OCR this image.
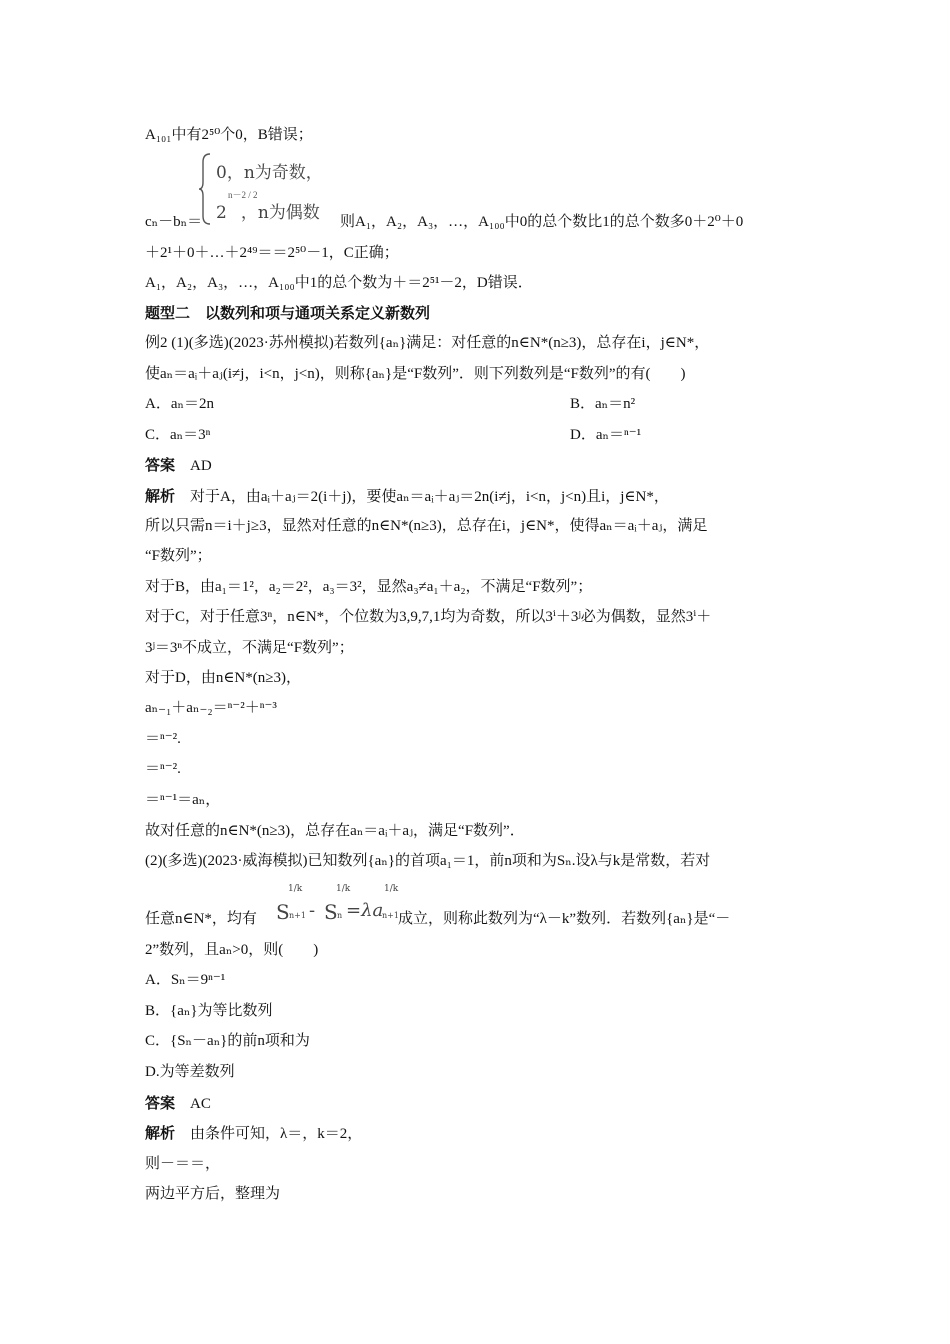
A₁₀₁中有2⁵⁰个0，B错误；
0，n为奇数，
2 ，n为偶数
n－2 / 2
cₙ－bₙ＝	则A₁，A₂，A₃，…，A₁₀₀中0的总个数比1的总个数多0＋2⁰＋0
＋2¹＋0＋…＋2⁴⁹＝＝2⁵⁰－1，C正确；
A₁，A₂，A₃，…，A₁₀₀中1的总个数为＋＝2⁵¹－2，D错误．
题型二　以数列和项与通项关系定义新数列
例2 (1)(多选)(2023·苏州模拟)若数列{aₙ}满足：对任意的n∈N*(n≥3)，总存在i，j∈N*，
使aₙ＝aᵢ＋aⱼ(i≠j，i<n，j<n)，则称{aₙ}是“F数列”．则下列数列是“F数列”的有(　　)
A．aₙ＝2n	B．aₙ＝n²
C．aₙ＝3ⁿ	D．aₙ＝ⁿ⁻¹
答案 AD
解析 对于A，由aᵢ＋aⱼ＝2(i＋j)，要使aₙ＝aᵢ＋aⱼ＝2n(i≠j，i<n，j<n)且i，j∈N*，
所以只需n＝i＋j≥3，显然对任意的n∈N*(n≥3)，总存在i，j∈N*，使得aₙ＝aᵢ＋aⱼ，满足
“F数列”；
对于B，由a₁＝1²，a₂＝2²，a₃＝3²，显然a₃≠a₁＋a₂，不满足“F数列”；
对于C，对于任意3ⁿ，n∈N*，个位数为3,9,7,1均为奇数，所以3ⁱ＋3ʲ必为偶数，显然3ⁱ＋
3ʲ＝3ⁿ不成立，不满足“F数列”；
对于D，由n∈N*(n≥3)，
aₙ₋₁＋aₙ₋₂＝ⁿ⁻²＋ⁿ⁻³
＝ⁿ⁻².
＝ⁿ⁻².
＝ⁿ⁻¹＝aₙ，
故对任意的n∈N*(n≥3)，总存在aₙ＝aᵢ＋aⱼ，满足“F数列”．
(2)(多选)(2023·威海模拟)已知数列{aₙ}的首项a₁＝1，前n项和为Sₙ.设λ与k是常数，若对
任意n∈N*，均有 S
1/k
n+1 - S
1/k
n =λa
1/k
n+1 成立，则称此数列为“λ－k”数列．若数列{aₙ}是“－
2”数列，且aₙ>0，则(　　)
A．Sₙ＝9ⁿ⁻¹
B．{aₙ}为等比数列
C．{Sₙ－aₙ}的前n项和为
D.为等差数列
答案 AC
解析 由条件可知，λ＝，k＝2，
则－＝＝，
两边平方后，整理为
